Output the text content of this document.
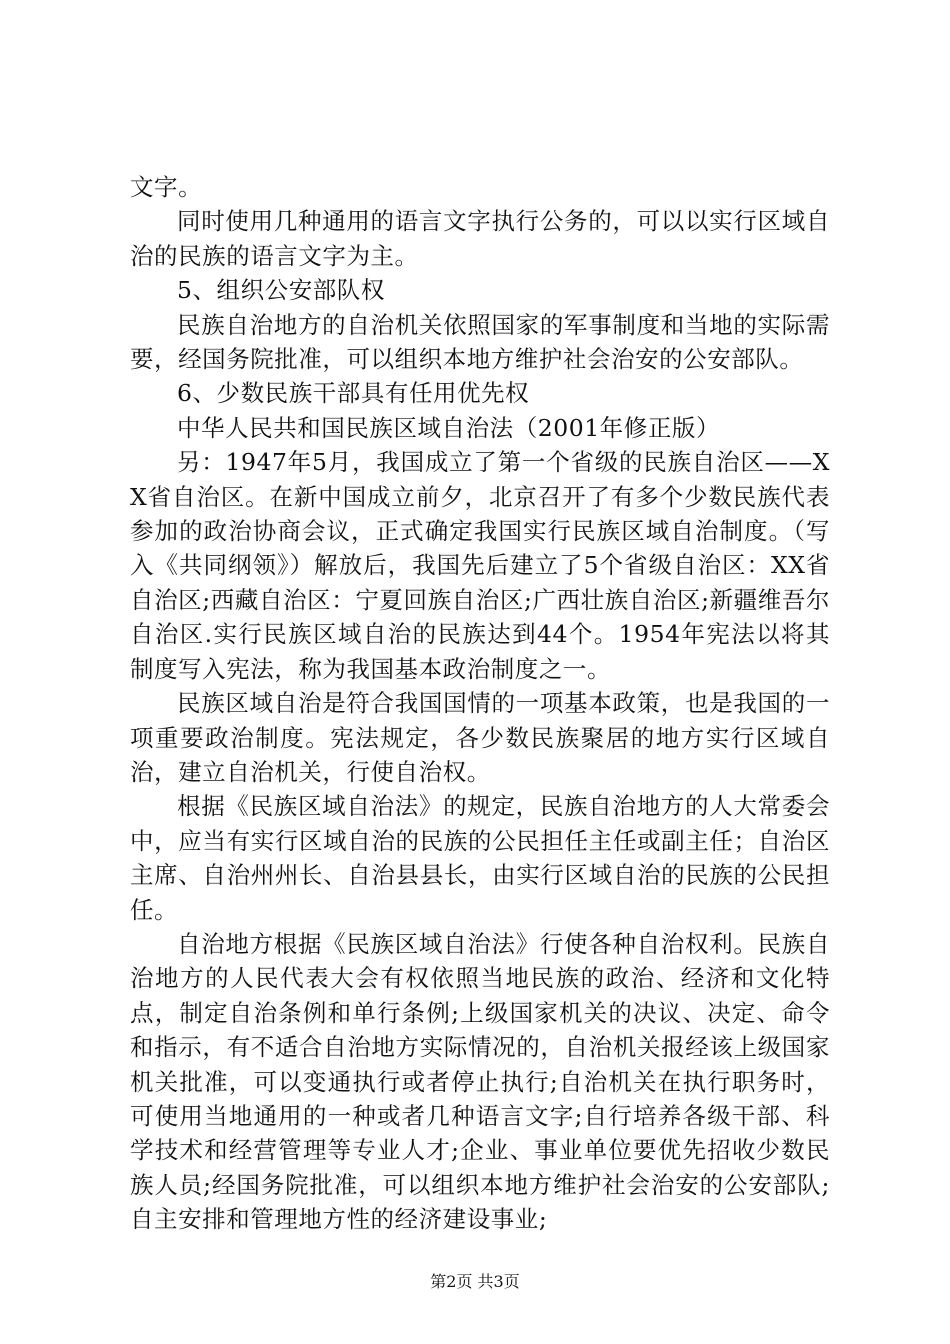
文字。

同时使用几种通用的语言文字执行公务的，可以以实行区域自治的民族的语言文字为主。

5、组织公安部队权

民族自治地方的自治机关依照国家的军事制度和当地的实际需要，经国务院批准，可以组织本地方维护社会治安的公安部队。

6、少数民族干部具有任用优先权

中华人民共和国民族区域自治法（2001年修正版）

另：1947年5月，我国成立了第一个省级的民族自治区——XX省自治区。在新中国成立前夕，北京召开了有多个少数民族代表参加的政治协商会议，正式确定我国实行民族区域自治制度。（写入《共同纲领》）解放后，我国先后建立了5个省级自治区：XX省自治区;西藏自治区：宁夏回族自治区;广西壮族自治区;新疆维吾尔自治区.实行民族区域自治的民族达到44个。1954年宪法以将其制度写入宪法，称为我国基本政治制度之一。

民族区域自治是符合我国国情的一项基本政策，也是我国的一项重要政治制度。宪法规定，各少数民族聚居的地方实行区域自治，建立自治机关，行使自治权。

根据《民族区域自治法》的规定，民族自治地方的人大常委会中，应当有实行区域自治的民族的公民担任主任或副主任；自治区主席、自治州州长、自治县县长，由实行区域自治的民族的公民担任。

自治地方根据《民族区域自治法》行使各种自治权利。民族自治地方的人民代表大会有权依照当地民族的政治、经济和文化特点，制定自治条例和单行条例;上级国家机关的决议、决定、命令和指示，有不适合自治地方实际情况的，自治机关报经该上级国家机关批准，可以变通执行或者停止执行;自治机关在执行职务时，可使用当地通用的一种或者几种语言文字;自行培养各级干部、科学技术和经营管理等专业人才;企业、事业单位要优先招收少数民族人员;经国务院批准，可以组织本地方维护社会治安的公安部队;自主安排和管理地方性的经济建设事业;

第2页 共3页
